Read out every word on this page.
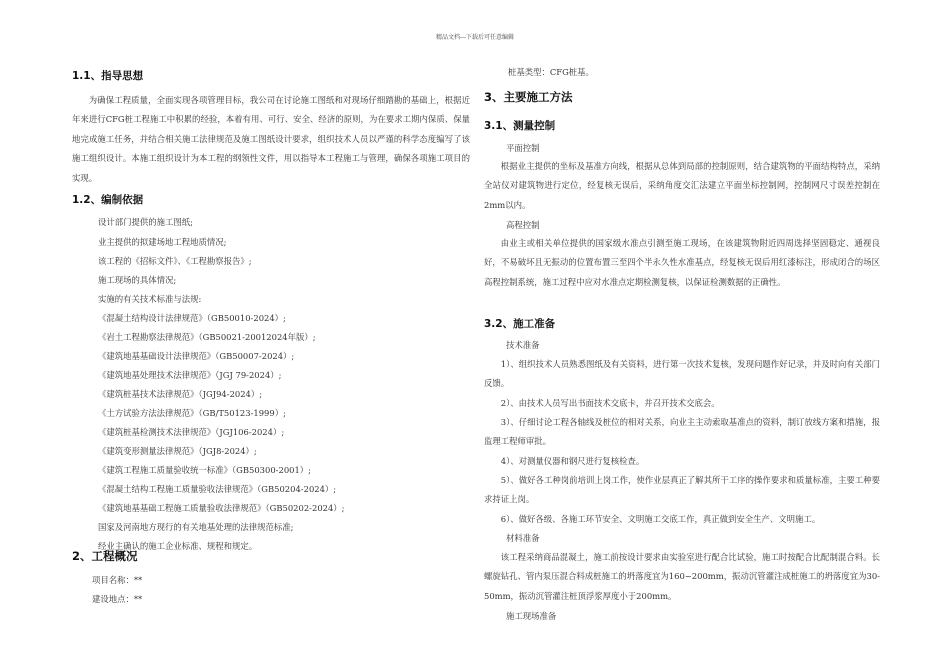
精品文档---下载后可任意编辑
1.1、指导思想
为确保工程质量，全面实现各项管理目标，我公司在讨论施工图纸和对现场仔细踏勘的基础上，根据近年来进行CFG桩工程施工中积累的经验，本着有用、可行、安全、经济的原则，为在要求工期内保质、保量地完成施工任务，并结合相关施工法律规范及施工图纸设计要求，组织技术人员以严谨的科学态度编写了该施工组织设计。本施工组织设计为本工程的纲领性文件，用以指导本工程施工与管理，确保各项施工项目的实现。
1.2、编制依据
设计部门提供的施工图纸;
业主提供的拟建场地工程地质情况;
该工程的《招标文件》、《工程勘察报告》;
施工现场的具体情况;
实施的有关技术标准与法规:
《混凝土结构设计法律规范》（GB50010-2024）;
《岩土工程勘察法律规范》（GB50021-20012024年版）;
《建筑地基基础设计法律规范》（GB50007-2024）;
《建筑地基处理技术法律规范》（JGJ 79-2024）;
《建筑桩基技术法律规范》（JGJ94-2024）;
《土方试验方法法律规范》（GB/T50123-1999）;
《建筑桩基检测技术法律规范》（JGJ106-2024）;
《建筑变形测量法律规范》（JGJ8-2024）;
《建筑工程施工质量验收统一标准》（GB50300-2001）;
《混凝土结构工程施工质量验收法律规范》（GB50204-2024）;
《建筑地基基础工程施工质量验收法律规范》（GB50202-2024）;
国家及河南地方现行的有关地基处理的法律规范标准;
经业主确认的施工企业标准、规程和规定。
2、工程概况
项目名称：**
建设地点：**
桩基类型：CFG桩基。
3、主要施工方法
3.1、测量控制
平面控制
根据业主提供的坐标及基准方向线，根据从总体到局部的控制原则，结合建筑物的平面结构特点，采纳全站仪对建筑物进行定位，经复核无误后，采纳角度交汇法建立平面坐标控制网，控制网尺寸误差控制在2mm以内。
高程控制
由业主或相关单位提供的国家级水准点引测至施工现场，在该建筑物附近四周选择坚固稳定、通视良好，不易破坏且无振动的位置布置三至四个半永久性水准基点，经复核无误后用红漆标注，形成闭合的场区高程控制系统，施工过程中应对水准点定期检测复核，以保证检测数据的正确性。
3.2、施工准备
技术准备
1）、组织技术人员熟悉图纸及有关资料，进行第一次技术复核，发现问题作好记录，并及时向有关部门反馈。
2）、由技术人员写出书面技术交底卡，并召开技术交底会。
3）、仔细讨论工程各轴线及桩位的相对关系，向业主主动索取基准点的资料，制订放线方案和措施，报监理工程师审批。
4）、对测量仪器和钢尺进行复核检查。
5）、做好各工种岗前培训上岗工作，使作业层真正了解其所干工序的操作要求和质量标准，主要工种要求持证上岗。
6）、做好各级、各施工环节安全、文明施工交底工作，真正做到安全生产、文明施工。
材料准备
该工程采纳商品混凝土，施工前按设计要求由实验室进行配合比试验，施工时按配合比配制混合料。长螺旋钻孔、管内泵压混合料成桩施工的坍落度宜为160~200mm，振动沉管灌注成桩施工的坍落度宜为30-50mm，振动沉管灌注桩顶浮浆厚度小于200mm。
施工现场准备
